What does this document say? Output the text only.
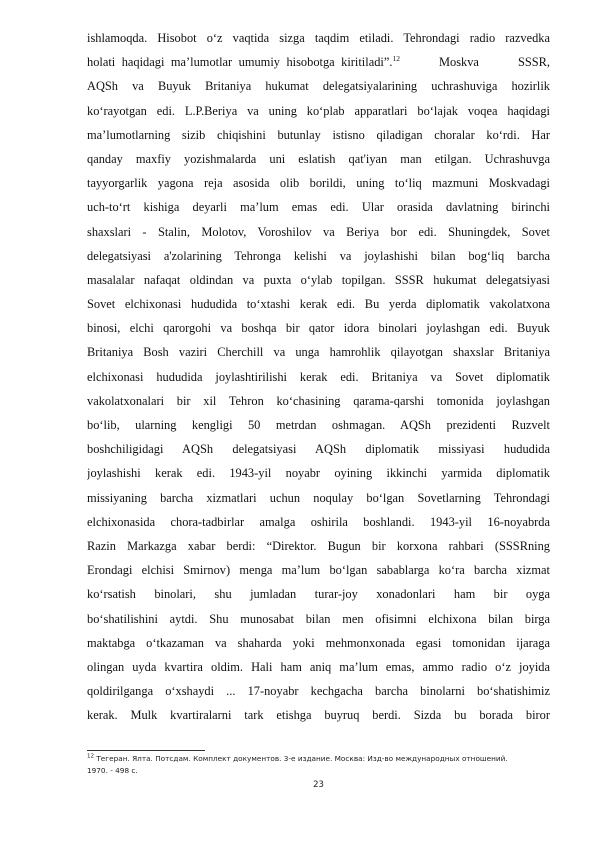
ishlamoqda. Hisobot o‘z vaqtida sizga taqdim etiladi. Tehrondagi radio razvedka
holati haqidagi ma’lumotlar umumiy hisobotga kiritiladi”.$^{12}$      Moskva      SSSR,
AQSh va Buyuk Britaniya hukumat delegatsiyalarining uchrashuviga hozirlik
ko‘rayotgan edi. L.P.Beriya va uning ko‘plab apparatlari bo‘lajak voqea haqidagi
ma’lumotlarning sizib chiqishini butunlay istisno qiladigan choralar ko‘rdi. Har
qanday maxfiy yozishmalarda uni eslatish qat'iyan man etilgan. Uchrashuvga
tayyorgarlik yagona reja asosida olib borildi, uning to‘liq mazmuni Moskvadagi
uch-to‘rt kishiga deyarli ma’lum emas edi. Ular orasida davlatning birinchi
shaxslari - Stalin, Molotov, Voroshilov va Beriya bor edi. Shuningdek, Sovet
delegatsiyasi a'zolarining Tehronga kelishi va joylashishi bilan bog‘liq barcha
masalalar nafaqat oldindan va puxta o‘ylab topilgan. SSSR hukumat delegatsiyasi
Sovet elchixonasi hududida to‘xtashi kerak edi. Bu yerda diplomatik vakolatxona
binosi, elchi qarorgohi va boshqa bir qator idora binolari joylashgan edi. Buyuk
Britaniya Bosh vaziri Cherchill va unga hamrohlik qilayotgan shaxslar Britaniya
elchixonasi hududida joylashtirilishi kerak edi. Britaniya va Sovet diplomatik
vakolatxonalari bir xil Tehron ko‘chasining qarama-qarshi tomonida joylashgan
bo‘lib, ularning kengligi 50 metrdan oshmagan. AQSh prezidenti Ruzvelt
boshchiligidagi AQSh delegatsiyasi AQSh diplomatik missiyasi hududida
joylashishi kerak edi. 1943-yil noyabr oyining ikkinchi yarmida diplomatik
missiyaning barcha xizmatlari uchun noqulay bo‘lgan Sovetlarning Tehrondagi
elchixonasida chora-tadbirlar amalga oshirila boshlandi. 1943-yil 16-noyabrda
Razin Markazga xabar berdi: “Direktor. Bugun bir korxona rahbari (SSSRning
Erondagi elchisi Smirnov) menga ma’lum bo‘lgan sabablarga ko‘ra barcha xizmat
ko‘rsatish binolari, shu jumladan turar-joy xonadonlari ham bir oyga
bo‘shatilishini aytdi. Shu munosabat bilan men ofisimni elchixona bilan birga
maktabga o‘tkazaman va shaharda yoki mehmonxonada egasi tomonidan ijaraga
olingan uyda kvartira oldim. Hali ham aniq ma’lum emas, ammo radio o‘z joyida
qoldirilganga o‘xshaydi ... 17-noyabr kechgacha barcha binolarni bo‘shatishimiz
kerak. Mulk kvartiralarni tark etishga buyruq berdi. Sizda bu borada biror
$^{12}$ Тегеран. Ялта. Потсдам. Комплект документов. 3-е издание. Москва: Изд-во международных отношений.
1970. - 498 с.
23
